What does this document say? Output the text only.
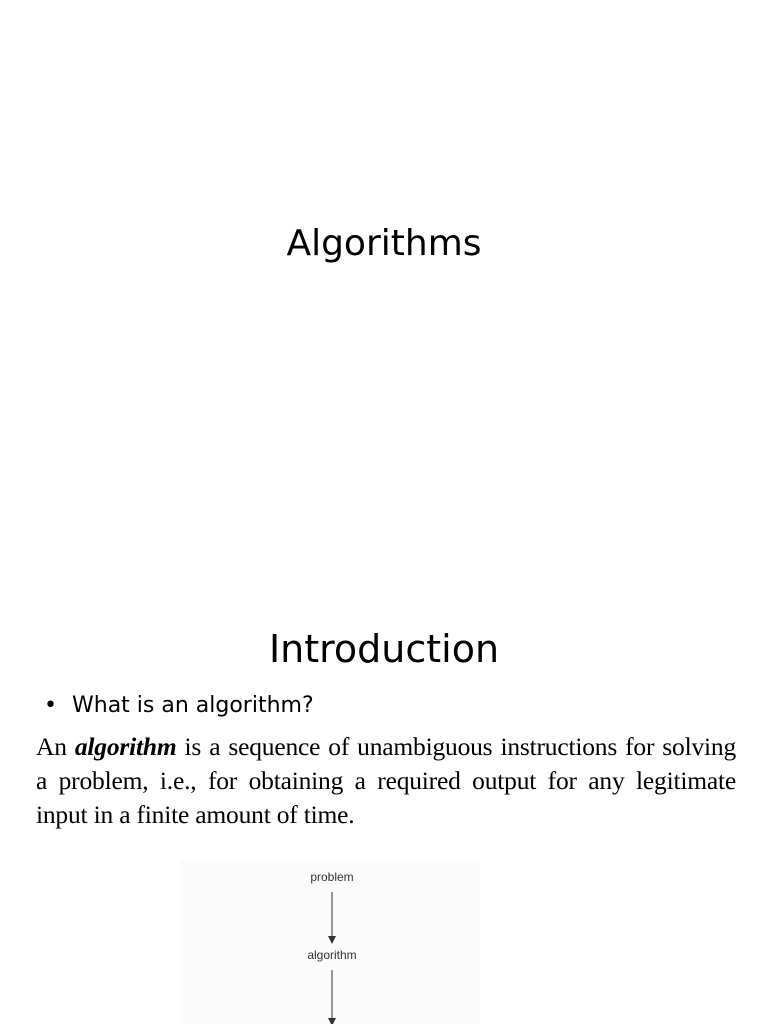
Algorithms
Introduction
• What is an algorithm?
An algorithm is a sequence of unambiguous instructions for solving a problem, i.e., for obtaining a required output for any legitimate input in a finite amount of time.
problem
algorithm
